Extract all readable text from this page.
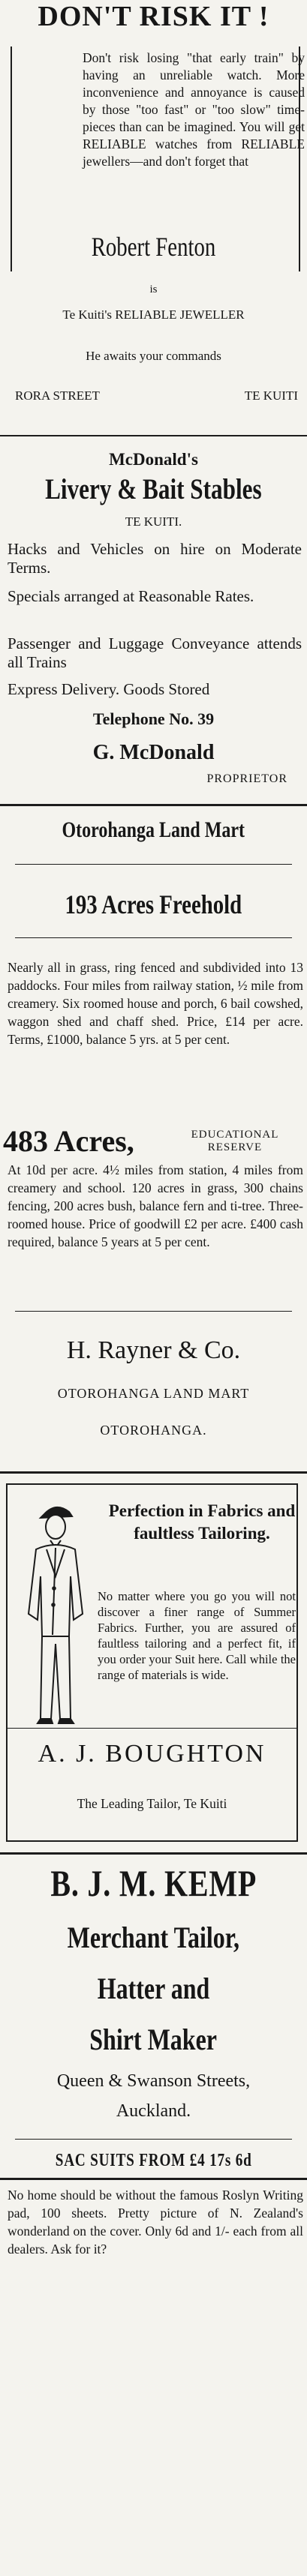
DON'T RISK IT !

Don't risk losing "that early train" by having an unreliable watch. More inconvenience and annoyance is caused by those "too fast" or "too slow" time-pieces than can be imagined. You will get RELIABLE watches from RELIABLE jewellers—and don't forget that

Robert Fenton
is
Te Kuiti's RELIABLE JEWELLER
He awaits your commands
RORA STREET	TE KUITI
McDonald's
Livery & Bait Stables
TE KUITI.

Hacks and Vehicles on hire on Moderate Terms.

Specials arranged at Reasonable Rates.

Passenger and Luggage Conveyance attends all Trains

Express Delivery. Goods Stored
Telephone No. 39
G. McDonald
PROPRIETOR
Otorohanga Land Mart
193 Acres Freehold

Nearly all in grass, ring fenced and subdivided into 13 paddocks. Four miles from railway station, ½ mile from creamery. Six roomed house and porch, 6 bail cowshed, waggon shed and chaff shed. Price, £14 per acre. Terms, £1000, balance 5 yrs. at 5 per cent.

483 Acres,	EDUCATIONAL RESERVE

At 10d per acre. 4½ miles from station, 4 miles from creamery and school. 120 acres in grass, 300 chains fencing, 200 acres bush, balance fern and ti-tree. Three-roomed house. Price of goodwill £2 per acre. £400 cash required, balance 5 years at 5 per cent.

H. Rayner & Co.
OTOROHANGA LAND MART
OTOROHANGA.
Perfection in Fabrics and faultless Tailoring.

No matter where you go you will not discover a finer range of Summer Fabrics. Further, you are assured of faultless tailoring and a perfect fit, if you order your Suit here. Call while the range of materials is wide.

A. J. BOUGHTON
The Leading Tailor, Te Kuiti
B. J. M. KEMP
Merchant Tailor,
Hatter and
Shirt Maker
Queen & Swanson Streets,
Auckland.
SAC SUITS FROM £4 17s 6d

No home should be without the famous Roslyn Writing pad, 100 sheets. Pretty picture of N. Zealand's wonderland on the cover. Only 6d and 1/- each from all dealers. Ask for it?
